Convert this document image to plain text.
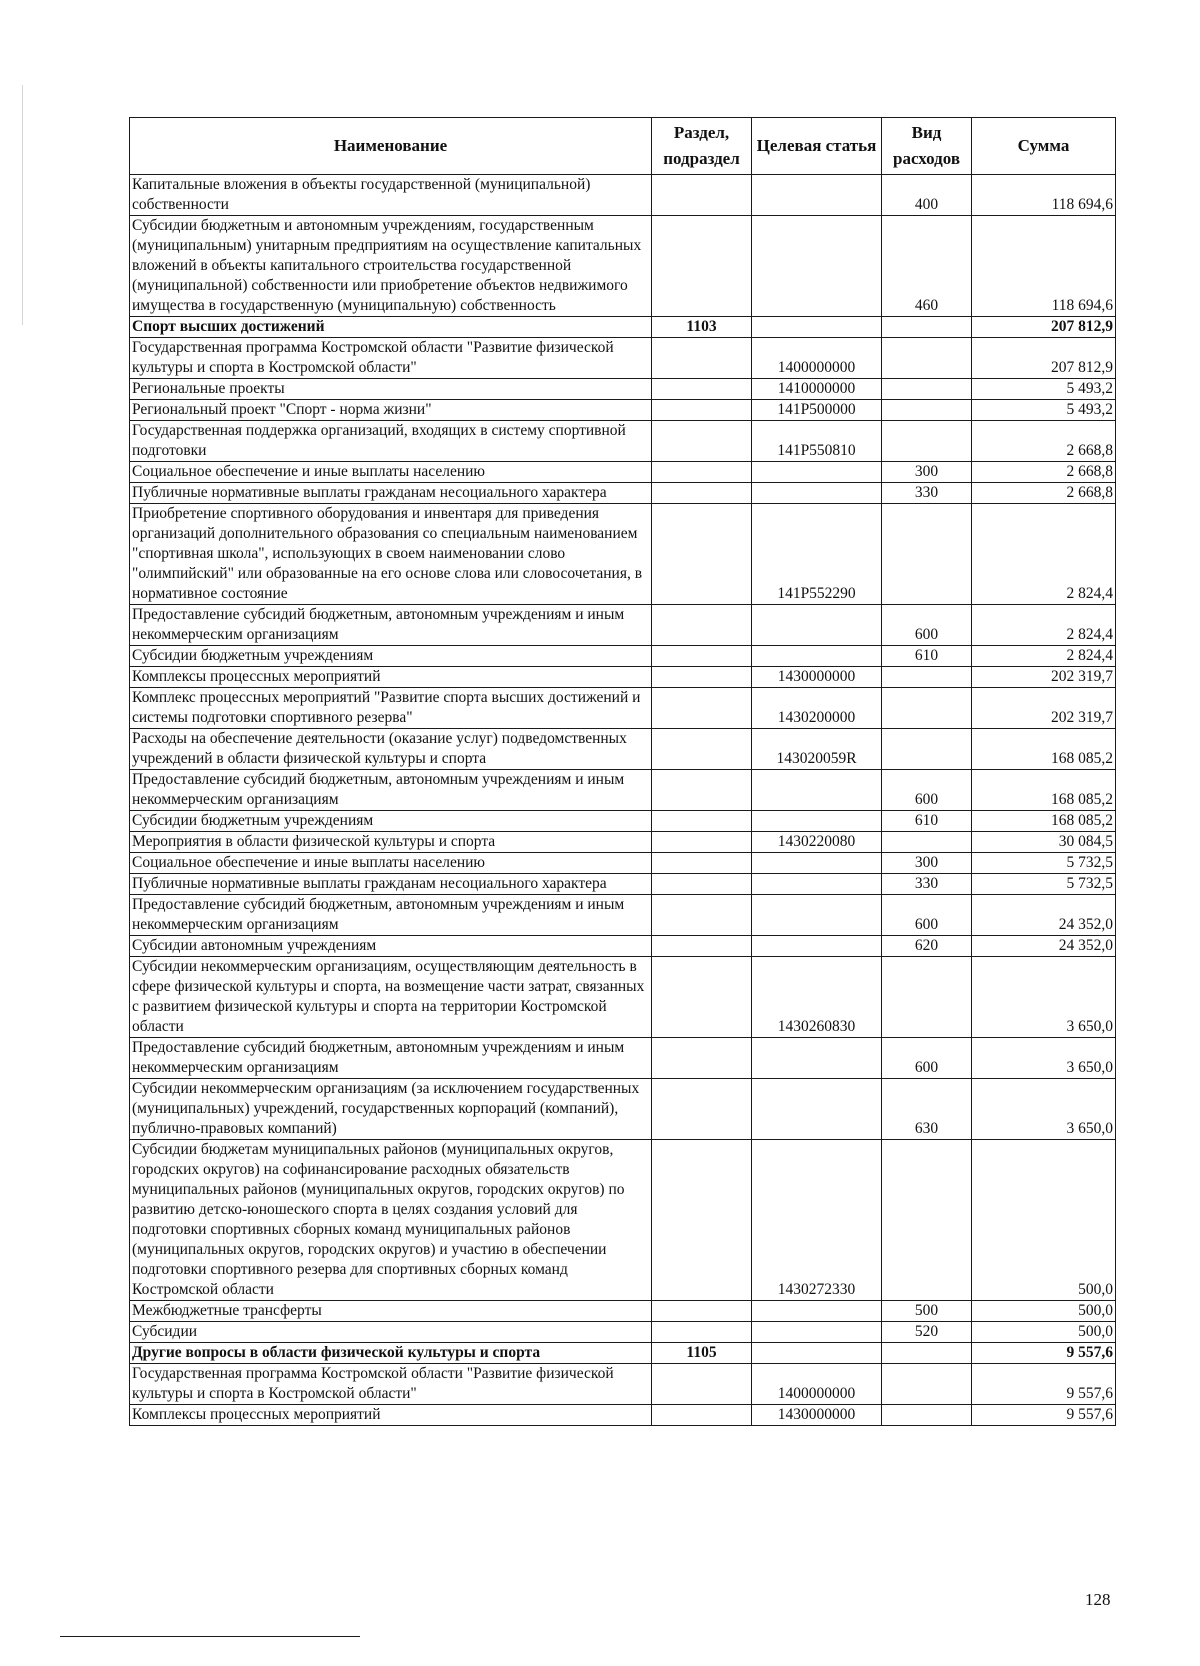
Наименование	Раздел, подраздел	Целевая статья	Вид расходов	Сумма
Капитальные вложения в объекты государственной (муниципальной) собственности			400	118 694,6
Субсидии бюджетным и автономным учреждениям, государственным (муниципальным) унитарным предприятиям на осуществление капитальных вложений в объекты капитального строительства государственной (муниципальной) собственности или приобретение объектов недвижимого имущества в государственную (муниципальную) собственность			460	118 694,6
Спорт высших достижений	1103			207 812,9
Государственная программа Костромской области "Развитие физической культуры и спорта в Костромской области"		1400000000		207 812,9
Региональные проекты		1410000000		5 493,2
Региональный проект "Спорт - норма жизни"		141P500000		5 493,2
Государственная поддержка организаций, входящих в систему спортивной подготовки		141P550810		2 668,8
Социальное обеспечение и иные выплаты населению			300	2 668,8
Публичные нормативные выплаты гражданам несоциального характера			330	2 668,8
Приобретение спортивного оборудования и инвентаря для приведения организаций дополнительного образования со специальным наименованием "спортивная школа", использующих в своем наименовании слово "олимпийский" или образованные на его основе слова или словосочетания, в нормативное состояние		141P552290		2 824,4
Предоставление субсидий бюджетным, автономным учреждениям и иным некоммерческим организациям			600	2 824,4
Субсидии бюджетным учреждениям			610	2 824,4
Комплексы процессных мероприятий		1430000000		202 319,7
Комплекс процессных мероприятий "Развитие спорта высших достижений и системы подготовки спортивного резерва"		1430200000		202 319,7
Расходы на обеспечение деятельности (оказание услуг) подведомственных учреждений в области физической культуры и спорта		143020059R		168 085,2
Предоставление субсидий бюджетным, автономным учреждениям и иным некоммерческим организациям			600	168 085,2
Субсидии бюджетным учреждениям			610	168 085,2
Мероприятия в области физической культуры и спорта		1430220080		30 084,5
Социальное обеспечение и иные выплаты населению			300	5 732,5
Публичные нормативные выплаты гражданам несоциального характера			330	5 732,5
Предоставление субсидий бюджетным, автономным учреждениям и иным некоммерческим организациям			600	24 352,0
Субсидии автономным учреждениям			620	24 352,0
Субсидии некоммерческим организациям, осуществляющим деятельность в сфере физической культуры и спорта, на возмещение части затрат, связанных с развитием физической культуры и спорта на территории Костромской области		1430260830		3 650,0
Предоставление субсидий бюджетным, автономным учреждениям и иным некоммерческим организациям			600	3 650,0
Субсидии некоммерческим организациям (за исключением государственных (муниципальных) учреждений, государственных корпораций (компаний), публично-правовых компаний)			630	3 650,0
Субсидии бюджетам муниципальных районов (муниципальных округов, городских округов) на софинансирование расходных обязательств муниципальных районов (муниципальных округов, городских округов) по развитию детско-юношеского спорта в целях создания условий для подготовки спортивных сборных команд муниципальных районов (муниципальных округов, городских округов) и участию в обеспечении подготовки спортивного резерва для спортивных сборных команд Костромской области		1430272330		500,0
Межбюджетные трансферты			500	500,0
Субсидии			520	500,0
Другие вопросы в области физической культуры и спорта	1105			9 557,6
Государственная программа Костромской области "Развитие физической культуры и спорта в Костромской области"		1400000000		9 557,6
Комплексы процессных мероприятий		1430000000		9 557,6
128
